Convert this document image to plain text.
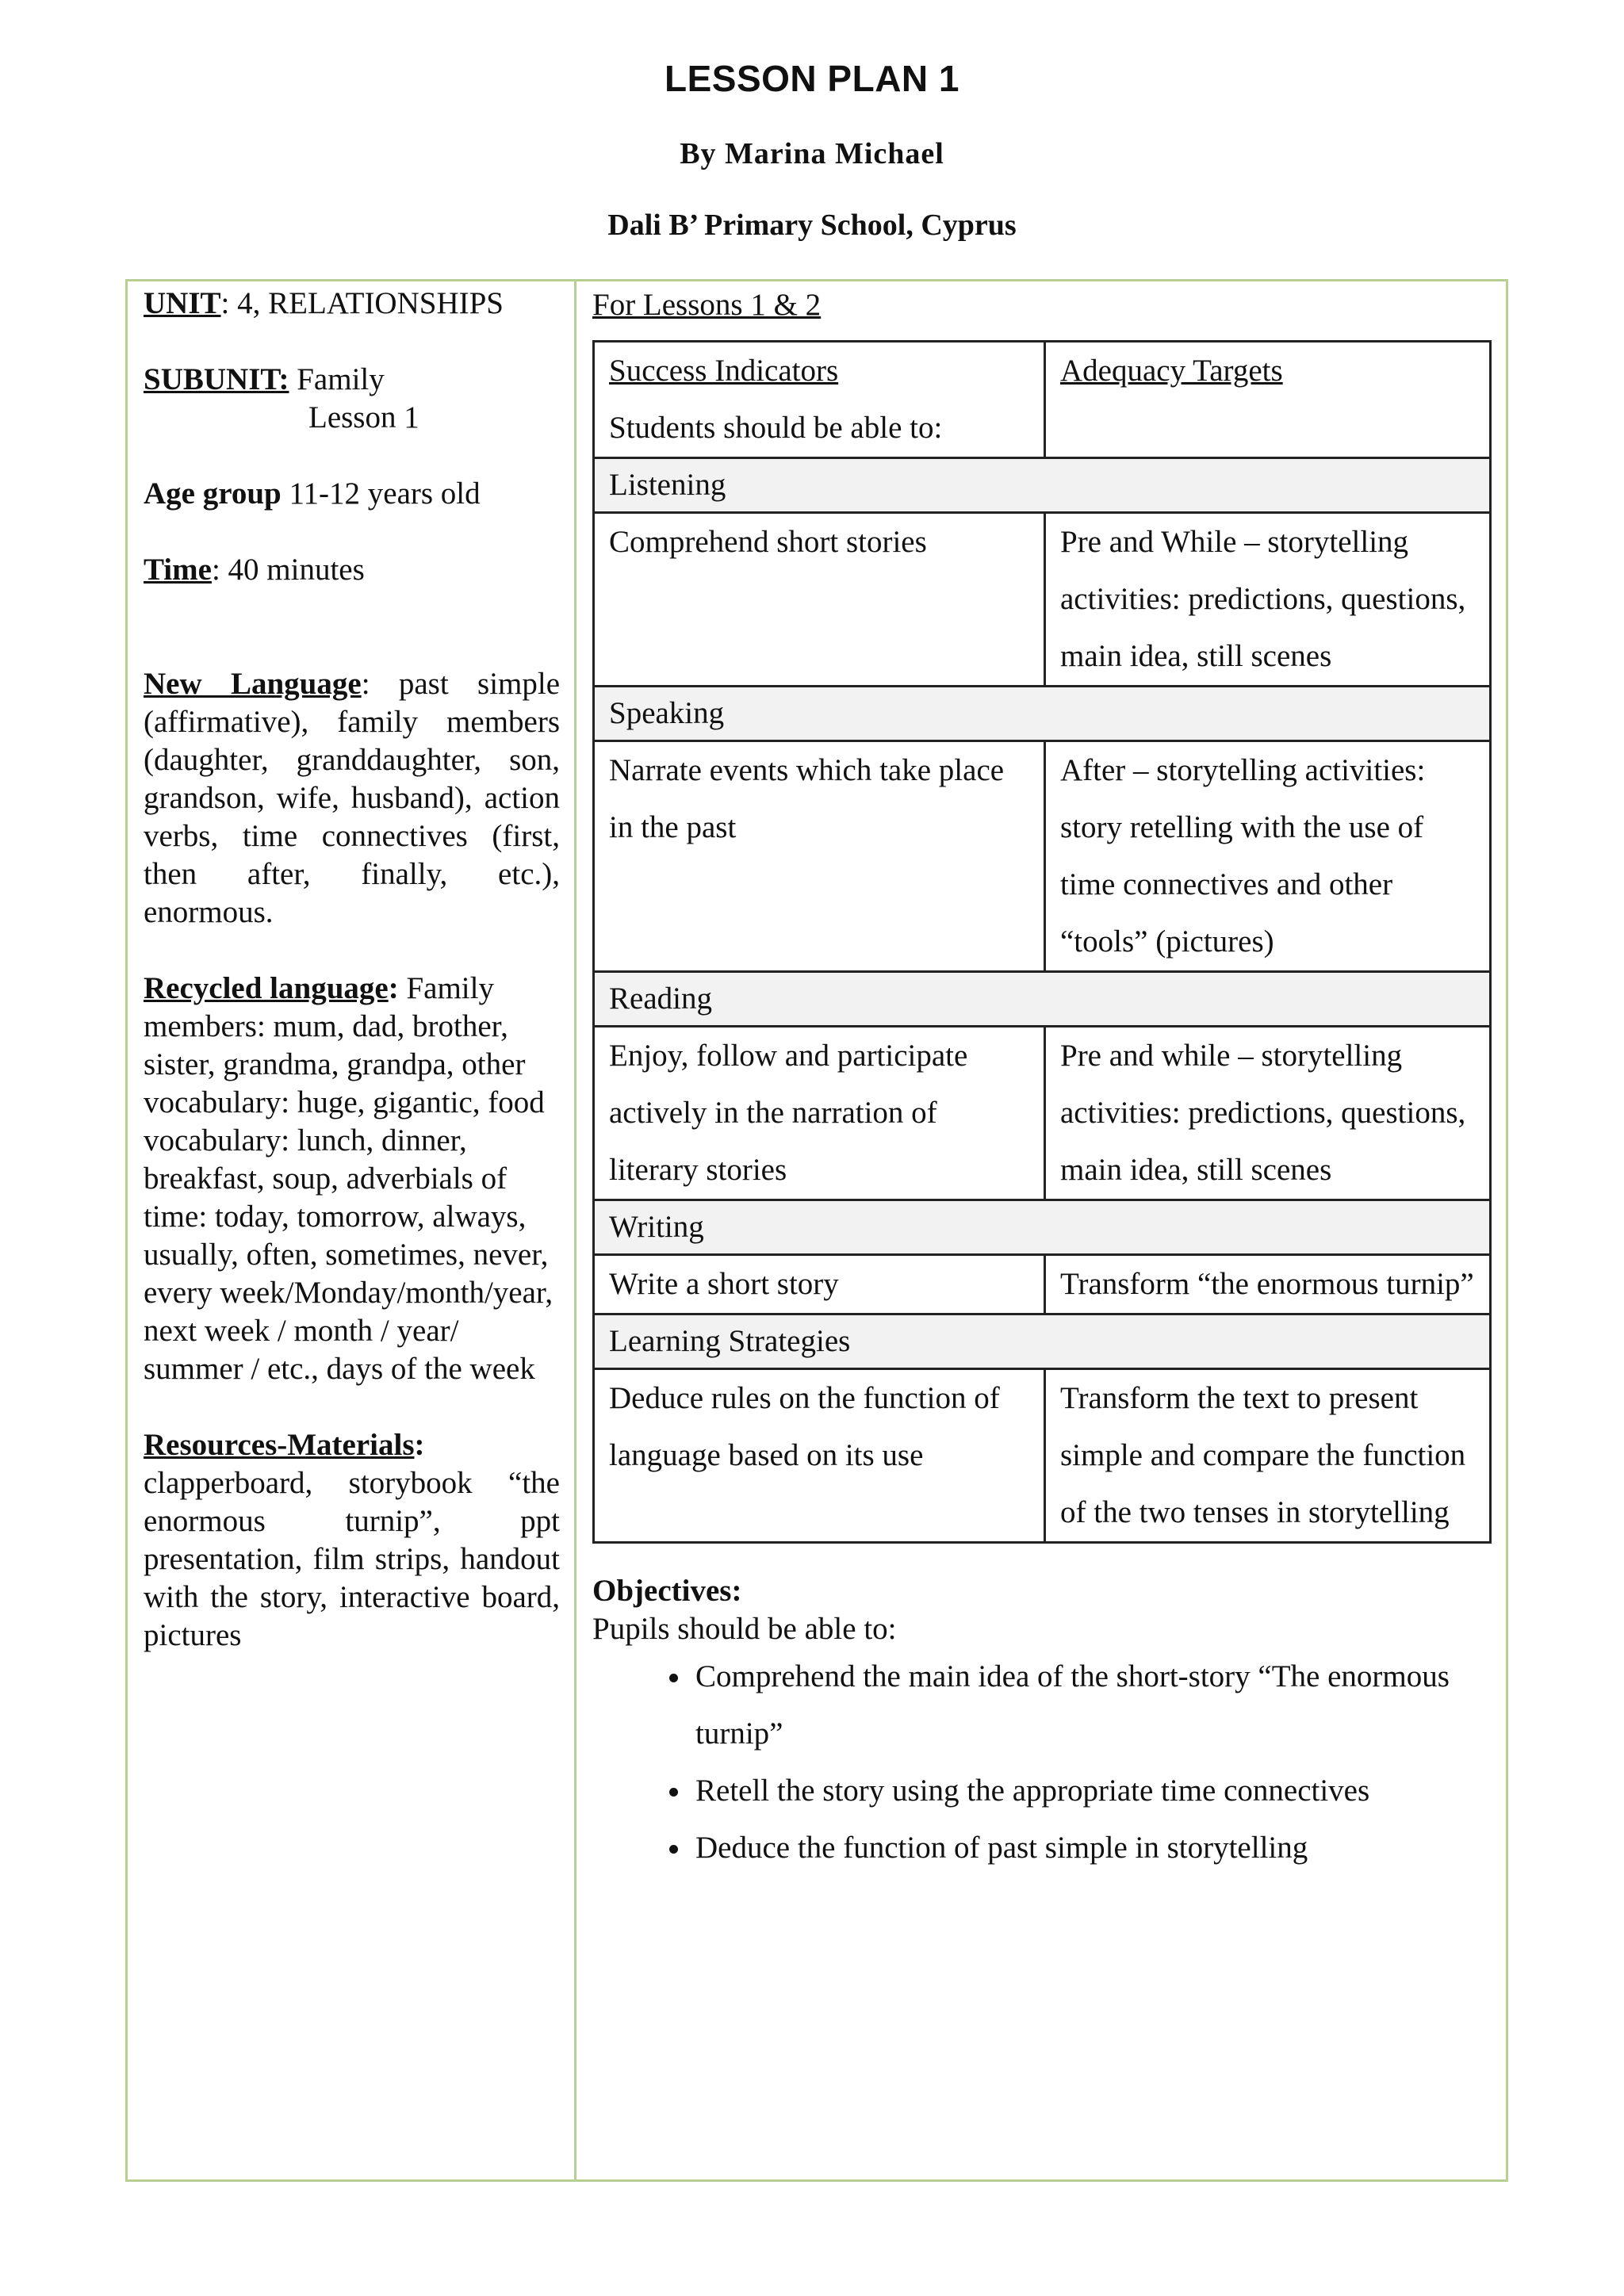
LESSON PLAN 1
By Marina Michael
Dali B’ Primary School, Cyprus
UNIT: 4, RELATIONSHIPS
SUBUNIT: Family
Lesson 1
Age group 11-12 years old
Time: 40 minutes
New Language: past simple (affirmative), family members (daughter, granddaughter, son, grandson, wife, husband), action verbs, time connectives (first, then after, finally, etc.), enormous.
Recycled language: Family members: mum, dad, brother, sister, grandma, grandpa, other vocabulary: huge, gigantic, food vocabulary: lunch, dinner, breakfast, soup, adverbials of time: today, tomorrow, always, usually, often, sometimes, never, every week/Monday/month/year, next week / month / year/ summer / etc., days of the week
Resources-Materials:
clapperboard, storybook “the enormous turnip”, ppt presentation, film strips, handout with the story, interactive board, pictures
For Lessons 1 & 2
Success Indicators
Students should be able to:	Adequacy Targets

Listening	
Comprehend short stories	Pre and While – storytelling activities: predictions, questions, main idea, still scenes
Speaking	
Narrate events which take place in the past	After – storytelling activities: story retelling with the use of time connectives and other “tools” (pictures)
Reading	
Enjoy, follow and participate actively in the narration of literary stories	Pre and while – storytelling activities: predictions, questions, main idea, still scenes
Writing	
Write a short story	Transform “the enormous turnip”
Learning Strategies	
Deduce rules on the function of language based on its use	Transform the text to present simple and compare the function of the two tenses in storytelling
Objectives:
Pupils should be able to:
• Comprehend the main idea of the short-story “The enormous turnip”
• Retell the story using the appropriate time connectives
• Deduce the function of past simple in storytelling
